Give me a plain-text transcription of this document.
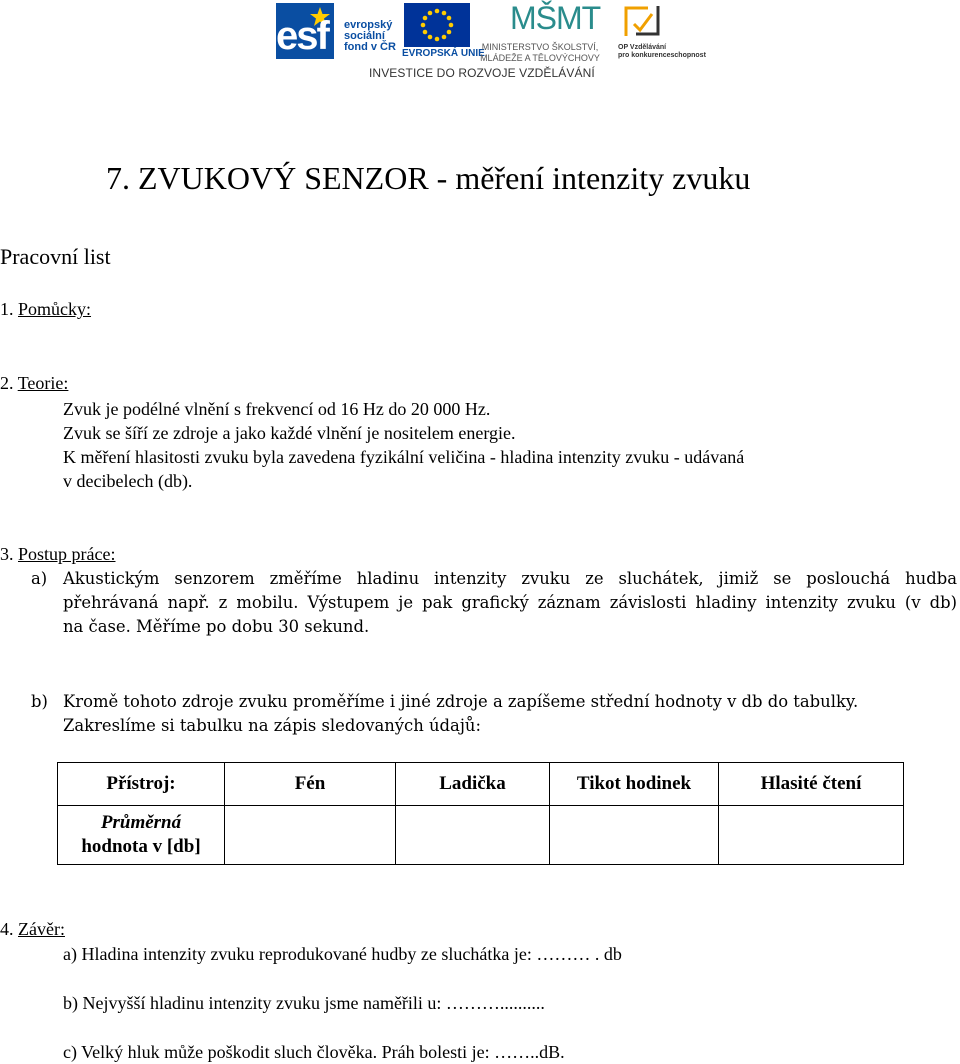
esf	evropský
sociální
fond v ČR
EVROPSKÁ UNIE
MŠMT
MINISTERSTVO ŠKOLSTVÍ,
MLÁDEŽE A TĚLOVÝCHOVY
OP Vzdělávání
pro konkurenceschopnost
INVESTICE DO ROZVOJE VZDĚLÁVÁNÍ
7. ZVUKOVÝ SENZOR - měření intenzity zvuku
Pracovní list
1. Pomůcky:
2. Teorie:
Zvuk je podélné vlnění s frekvencí od 16 Hz do 20 000 Hz.
Zvuk se šíří ze zdroje a jako každé vlnění je nositelem energie.
K měření hlasitosti zvuku byla zavedena fyzikální veličina - hladina intenzity zvuku - udávaná
v decibelech (db).
3. Postup práce:
a) Akustickým senzorem změříme hladinu intenzity zvuku ze sluchátek, jimiž se poslouchá hudba
přehrávaná např. z mobilu. Výstupem je pak grafický záznam závislosti hladiny intenzity zvuku (v db)
na čase. Měříme po dobu 30 sekund.
b) Kromě tohoto zdroje zvuku proměříme i jiné zdroje a zapíšeme střední hodnoty v db do tabulky.
Zakreslíme si tabulku na zápis sledovaných údajů:
Přístroj:	Fén	Ladička	Tikot hodinek	Hlasité čtení

Průměrná
hodnota v [db]				

4. Závěr:
a) Hladina intenzity zvuku reprodukované hudby ze sluchátka je: ……… . db
b) Nejvyšší hladinu intenzity zvuku jsme naměřili u: ………..........
c) Velký hluk může poškodit sluch člověka. Práh bolesti je: ……..dB.
